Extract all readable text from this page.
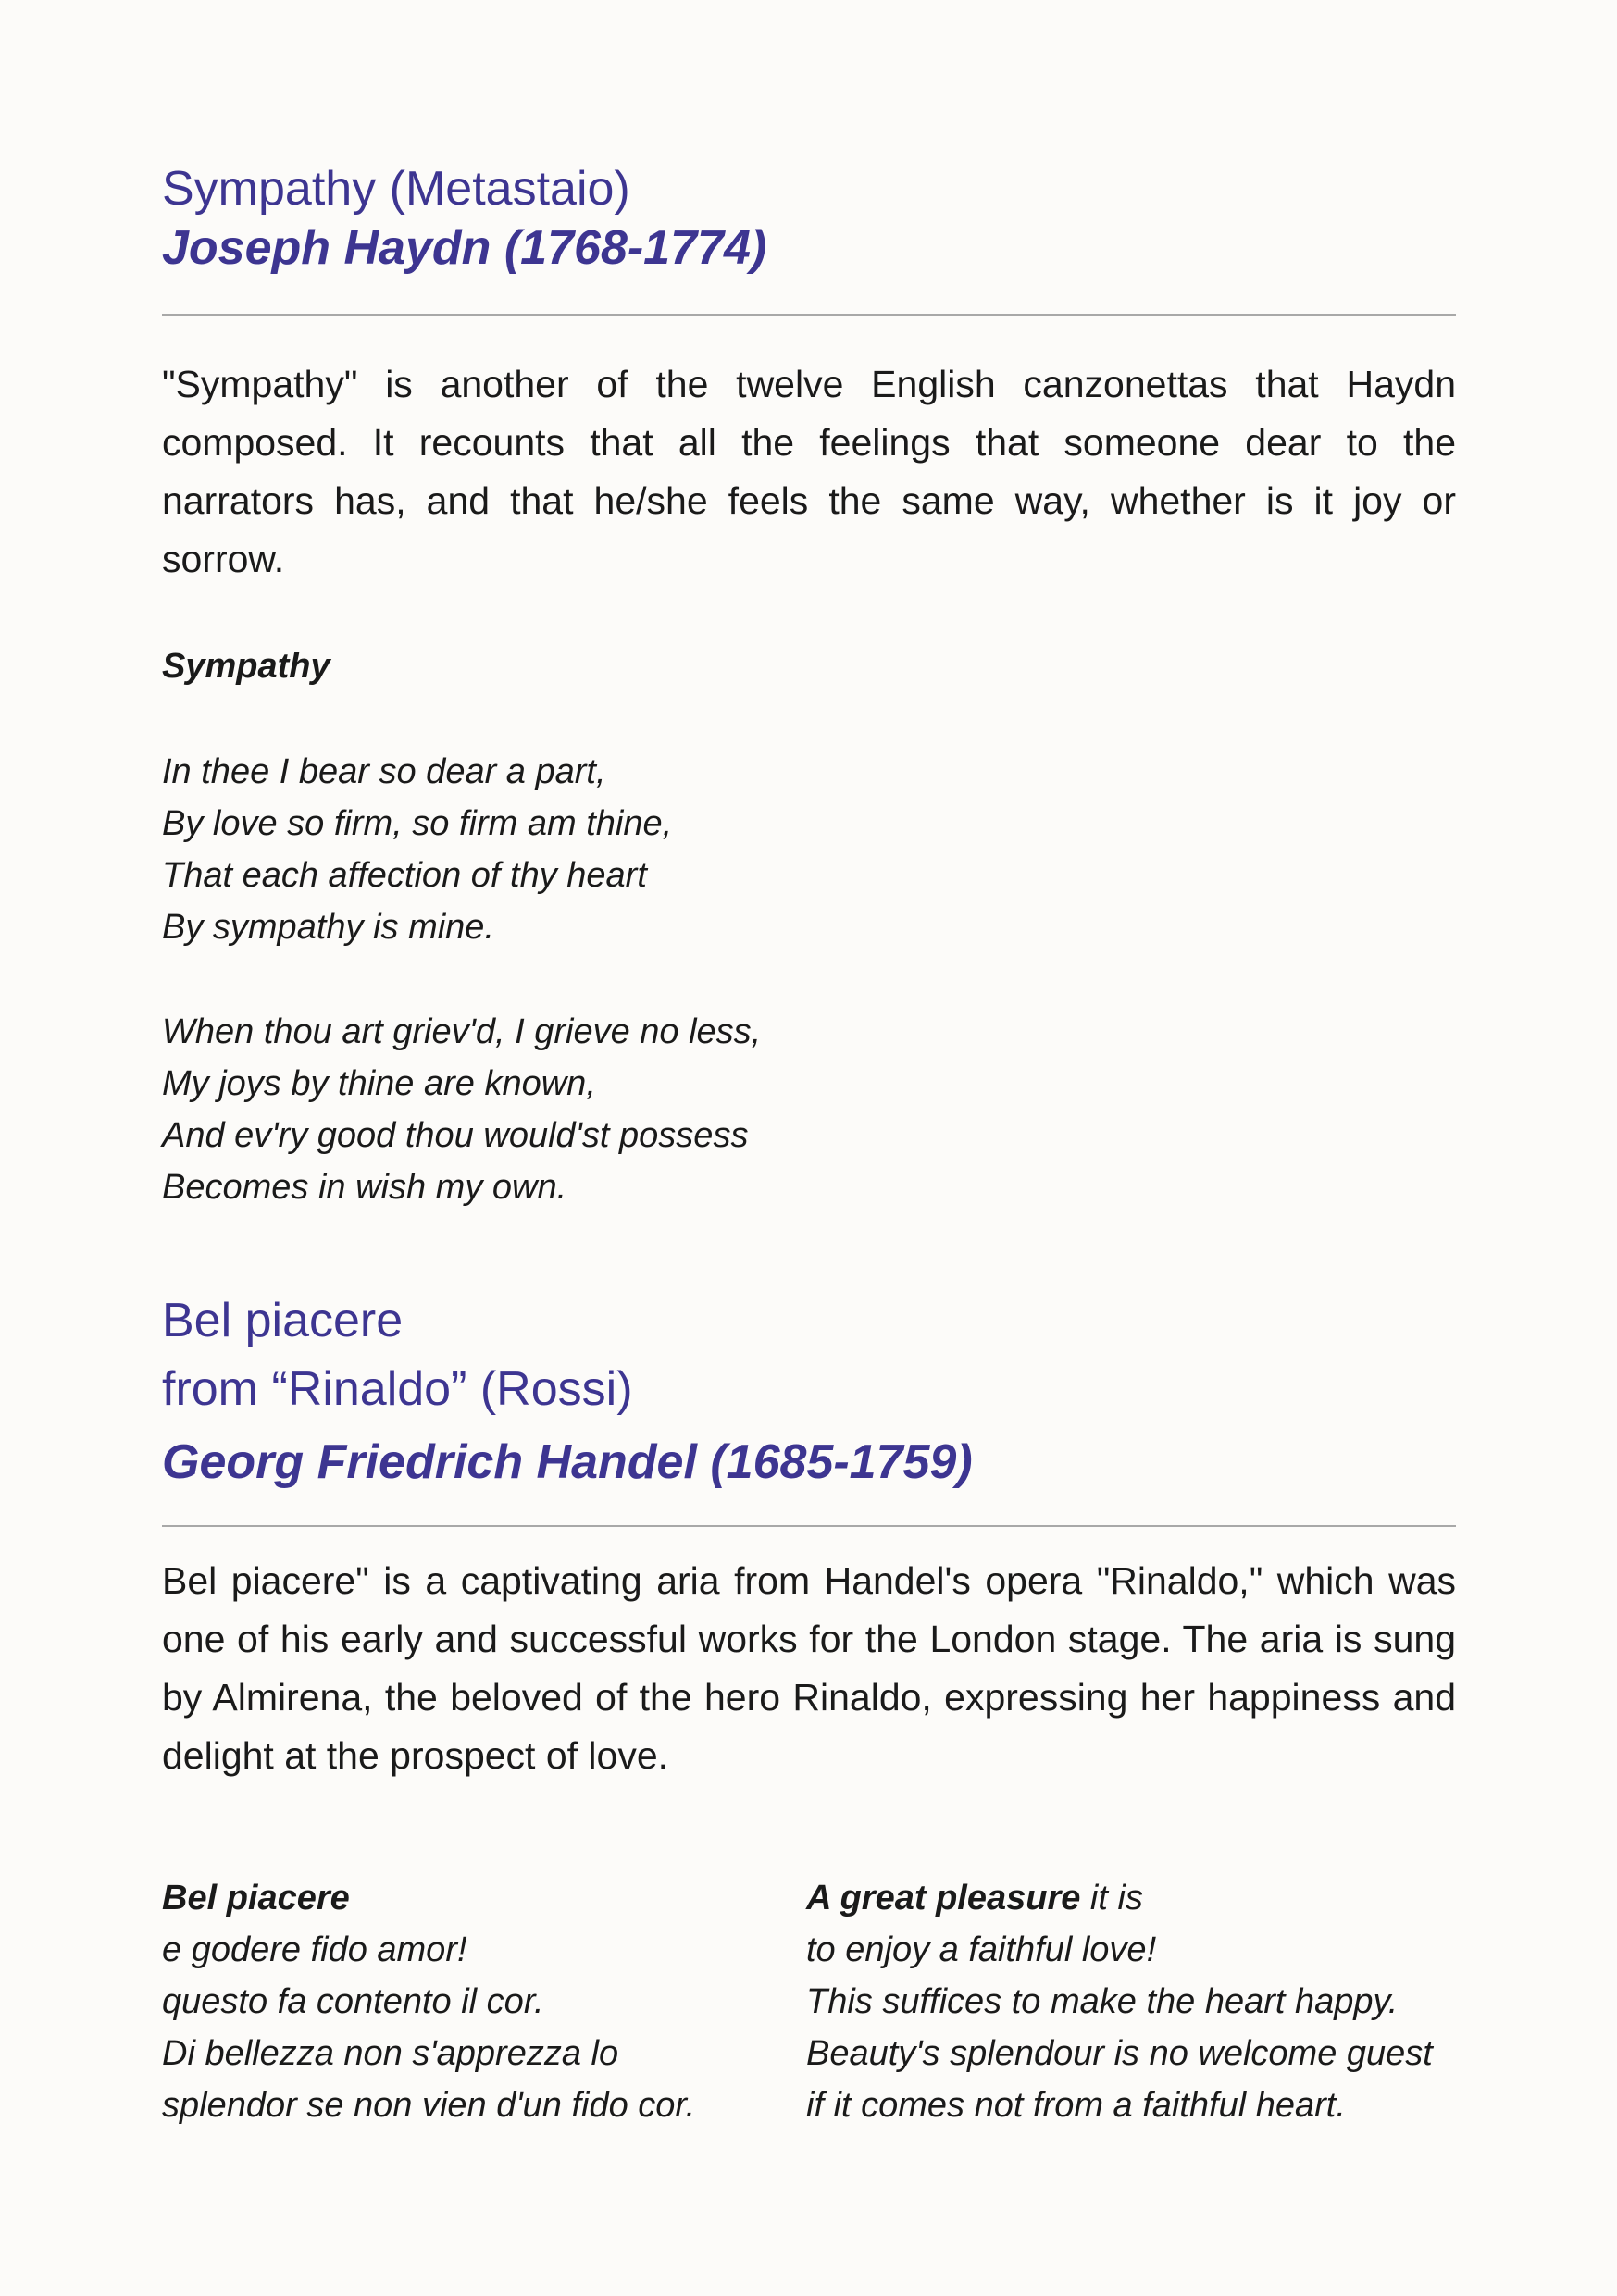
Sympathy (Metastaio)
Joseph Haydn (1768-1774)

"Sympathy" is another of the twelve English canzonettas that Haydn composed. It recounts that all the feelings that someone dear to the narrators has, and that he/she feels the same way, whether is it joy or sorrow.

Sympathy

In thee I bear so dear a part,

By love so firm, so firm am thine,

That each affection of thy heart

By sympathy is mine.

When thou art griev'd, I grieve no less,

My joys by thine are known,

And ev'ry good thou would'st possess

Becomes in wish my own.

Bel piacere
from “Rinaldo” (Rossi)
Georg Friedrich Handel (1685-1759)

Bel piacere" is a captivating aria from Handel's opera "Rinaldo," which was one of his early and successful works for the London stage. The aria is sung by Almirena, the beloved of the hero Rinaldo, expressing her happiness and delight at the prospect of love.

Bel piacere

e godere fido amor!

questo fa contento il cor.

Di bellezza non s'apprezza lo

splendor se non vien d'un fido cor.

A great pleasure it is

to enjoy a faithful love!

This suffices to make the heart happy.

Beauty's splendour is no welcome guest

if it comes not from a faithful heart.
